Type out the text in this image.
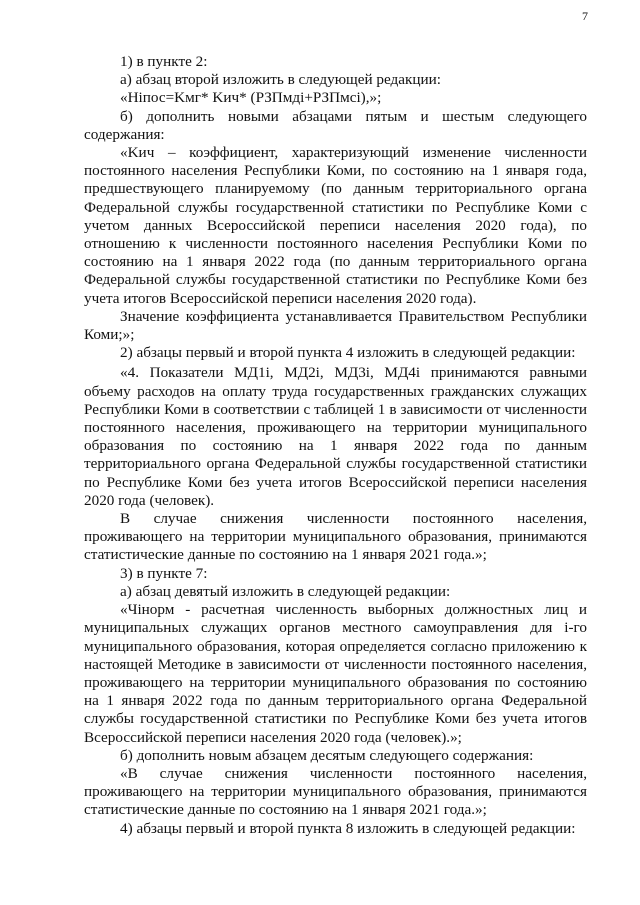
7

1) в пункте 2:

а) абзац второй изложить в следующей редакции:

«Hiпос=Kмг* Kич* (РЗПмдi+РЗПмсi),»;

б) дополнить новыми абзацами пятым и шестым следующего содержания:

«Kич – коэффициент, характеризующий изменение численности постоянного населения Республики Коми, по состоянию на 1 января года, предшествующего планируемому (по данным территориального органа Федеральной службы государственной статистики по Республике Коми с учетом данных Всероссийской переписи населения 2020 года), по отношению к численности постоянного населения Республики Коми по состоянию на 1 января 2022 года (по данным территориального органа Федеральной службы государственной статистики по Республике Коми без учета итогов Всероссийской переписи населения 2020 года).

Значение коэффициента устанавливается Правительством Республики Коми;»;

2) абзацы первый и второй пункта 4 изложить в следующей редакции:

«4. Показатели МД1i, МД2i, МД3i, МД4i принимаются равными объему расходов на оплату труда государственных гражданских служащих Республики Коми в соответствии с таблицей 1 в зависимости от численности постоянного населения, проживающего на территории муниципального образования по состоянию на 1 января 2022 года по данным территориального органа Федеральной службы государственной статистики по Республике Коми без учета итогов Всероссийской переписи населения 2020 года (человек).

В случае снижения численности постоянного населения, проживающего на территории муниципального образования, принимаются статистические данные по состоянию на 1 января 2021 года.»;

3) в пункте 7:

а) абзац девятый изложить в следующей редакции:

«Чiнорм - расчетная численность выборных должностных лиц и муниципальных служащих органов местного самоуправления для i-го муниципального образования, которая определяется согласно приложению к настоящей Методике в зависимости от численности постоянного населения, проживающего на территории муниципального образования по состоянию на 1 января 2022 года по данным территориального органа Федеральной службы государственной статистики по Республике Коми без учета итогов Всероссийской переписи населения 2020 года (человек).»;

б) дополнить новым абзацем десятым следующего содержания:

«В случае снижения численности постоянного населения, проживающего на территории муниципального образования, принимаются статистические данные по состоянию на 1 января 2021 года.»;

4) абзацы первый и второй пункта 8 изложить в следующей редакции:
